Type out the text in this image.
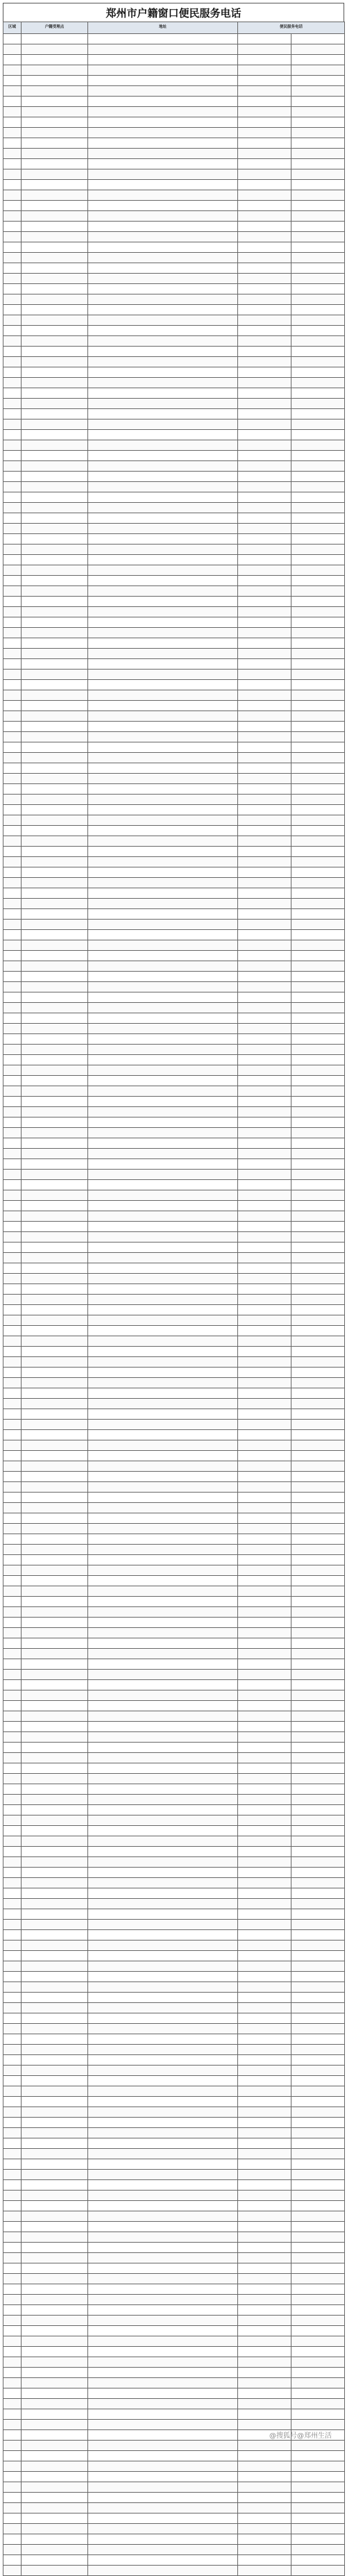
郑州市户籍窗口便民服务电话
区域	户籍受理点	地址	便民服务电话	

@搜狐号@郑州生活
